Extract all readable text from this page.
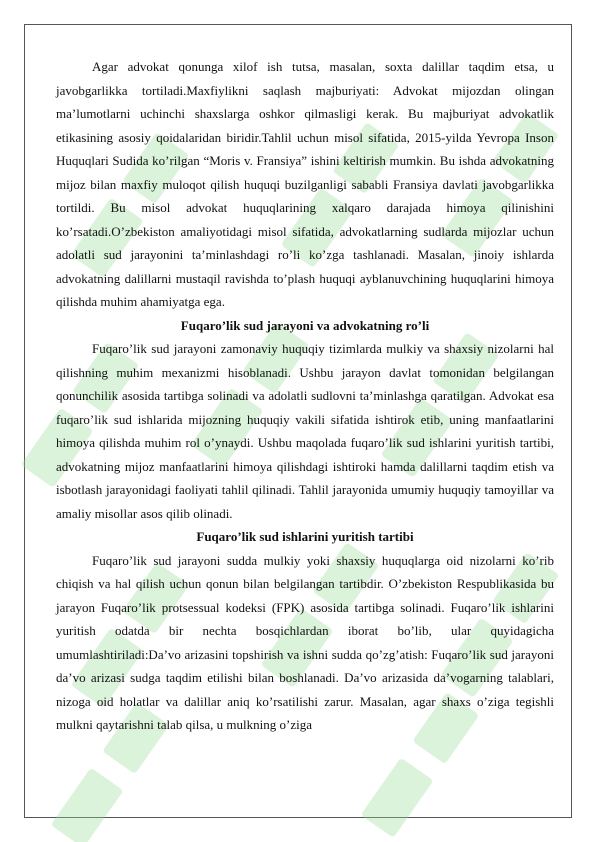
Agar advokat qonunga xilof ish tutsa, masalan, soxta dalillar taqdim etsa, u javobgarlikka tortiladi.Maxfiylikni saqlash majburiyati: Advokat mijozdan olingan ma’lumotlarni uchinchi shaxslarga oshkor qilmasligi kerak. Bu majburiyat advokatlik etikasining asosiy qoidalaridan biridir.Tahlil uchun misol sifatida, 2015-yilda Yevropa Inson Huquqlari Sudida ko’rilgan “Moris v. Fransiya” ishini keltirish mumkin. Bu ishda advokatning mijoz bilan maxfiy muloqot qilish huquqi buzilganligi sababli Fransiya davlati javobgarlikka tortildi. Bu misol advokat huquqlarining xalqaro darajada himoya qilinishini ko’rsatadi.O’zbekiston amaliyotidagi misol sifatida, advokatlarning sudlarda mijozlar uchun adolatli sud jarayonini ta’minlashdagi ro’li ko’zga tashlanadi. Masalan, jinoiy ishlarda advokatning dalillarni mustaqil ravishda to’plash huquqi ayblanuvchining huquqlarini himoya qilishda muhim ahamiyatga ega.

Fuqaro’lik sud jarayoni va advokatning ro’li

Fuqaro’lik sud jarayoni zamonaviy huquqiy tizimlarda mulkiy va shaxsiy nizolarni hal qilishning muhim mexanizmi hisoblanadi. Ushbu jarayon davlat tomonidan belgilangan qonunchilik asosida tartibga solinadi va adolatli sudlovni ta’minlashga qaratilgan. Advokat esa fuqaro’lik sud ishlarida mijozning huquqiy vakili sifatida ishtirok etib, uning manfaatlarini himoya qilishda muhim rol o’ynaydi. Ushbu maqolada fuqaro’lik sud ishlarini yuritish tartibi, advokatning mijoz manfaatlarini himoya qilishdagi ishtiroki hamda dalillarni taqdim etish va isbotlash jarayonidagi faoliyati tahlil qilinadi. Tahlil jarayonida umumiy huquqiy tamoyillar va amaliy misollar asos qilib olinadi.

Fuqaro’lik sud ishlarini yuritish tartibi

Fuqaro’lik sud jarayoni sudda mulkiy yoki shaxsiy huquqlarga oid nizolarni ko’rib chiqish va hal qilish uchun qonun bilan belgilangan tartibdir. O’zbekiston Respublikasida bu jarayon Fuqaro’lik protsessual kodeksi (FPK) asosida tartibga solinadi. Fuqaro’lik ishlarini yuritish odatda bir nechta bosqichlardan iborat bo’lib, ular quyidagicha umumlashtiriladi:Da’vo arizasini topshirish va ishni sudda qo’zg’atish: Fuqaro’lik sud jarayoni da’vo arizasi sudga taqdim etilishi bilan boshlanadi. Da’vo arizasida da’vogarning talablari, nizoga oid holatlar va dalillar aniq ko’rsatilishi zarur. Masalan, agar shaxs o’ziga tegishli mulkni qaytarishni talab qilsa, u mulkning o’ziga
